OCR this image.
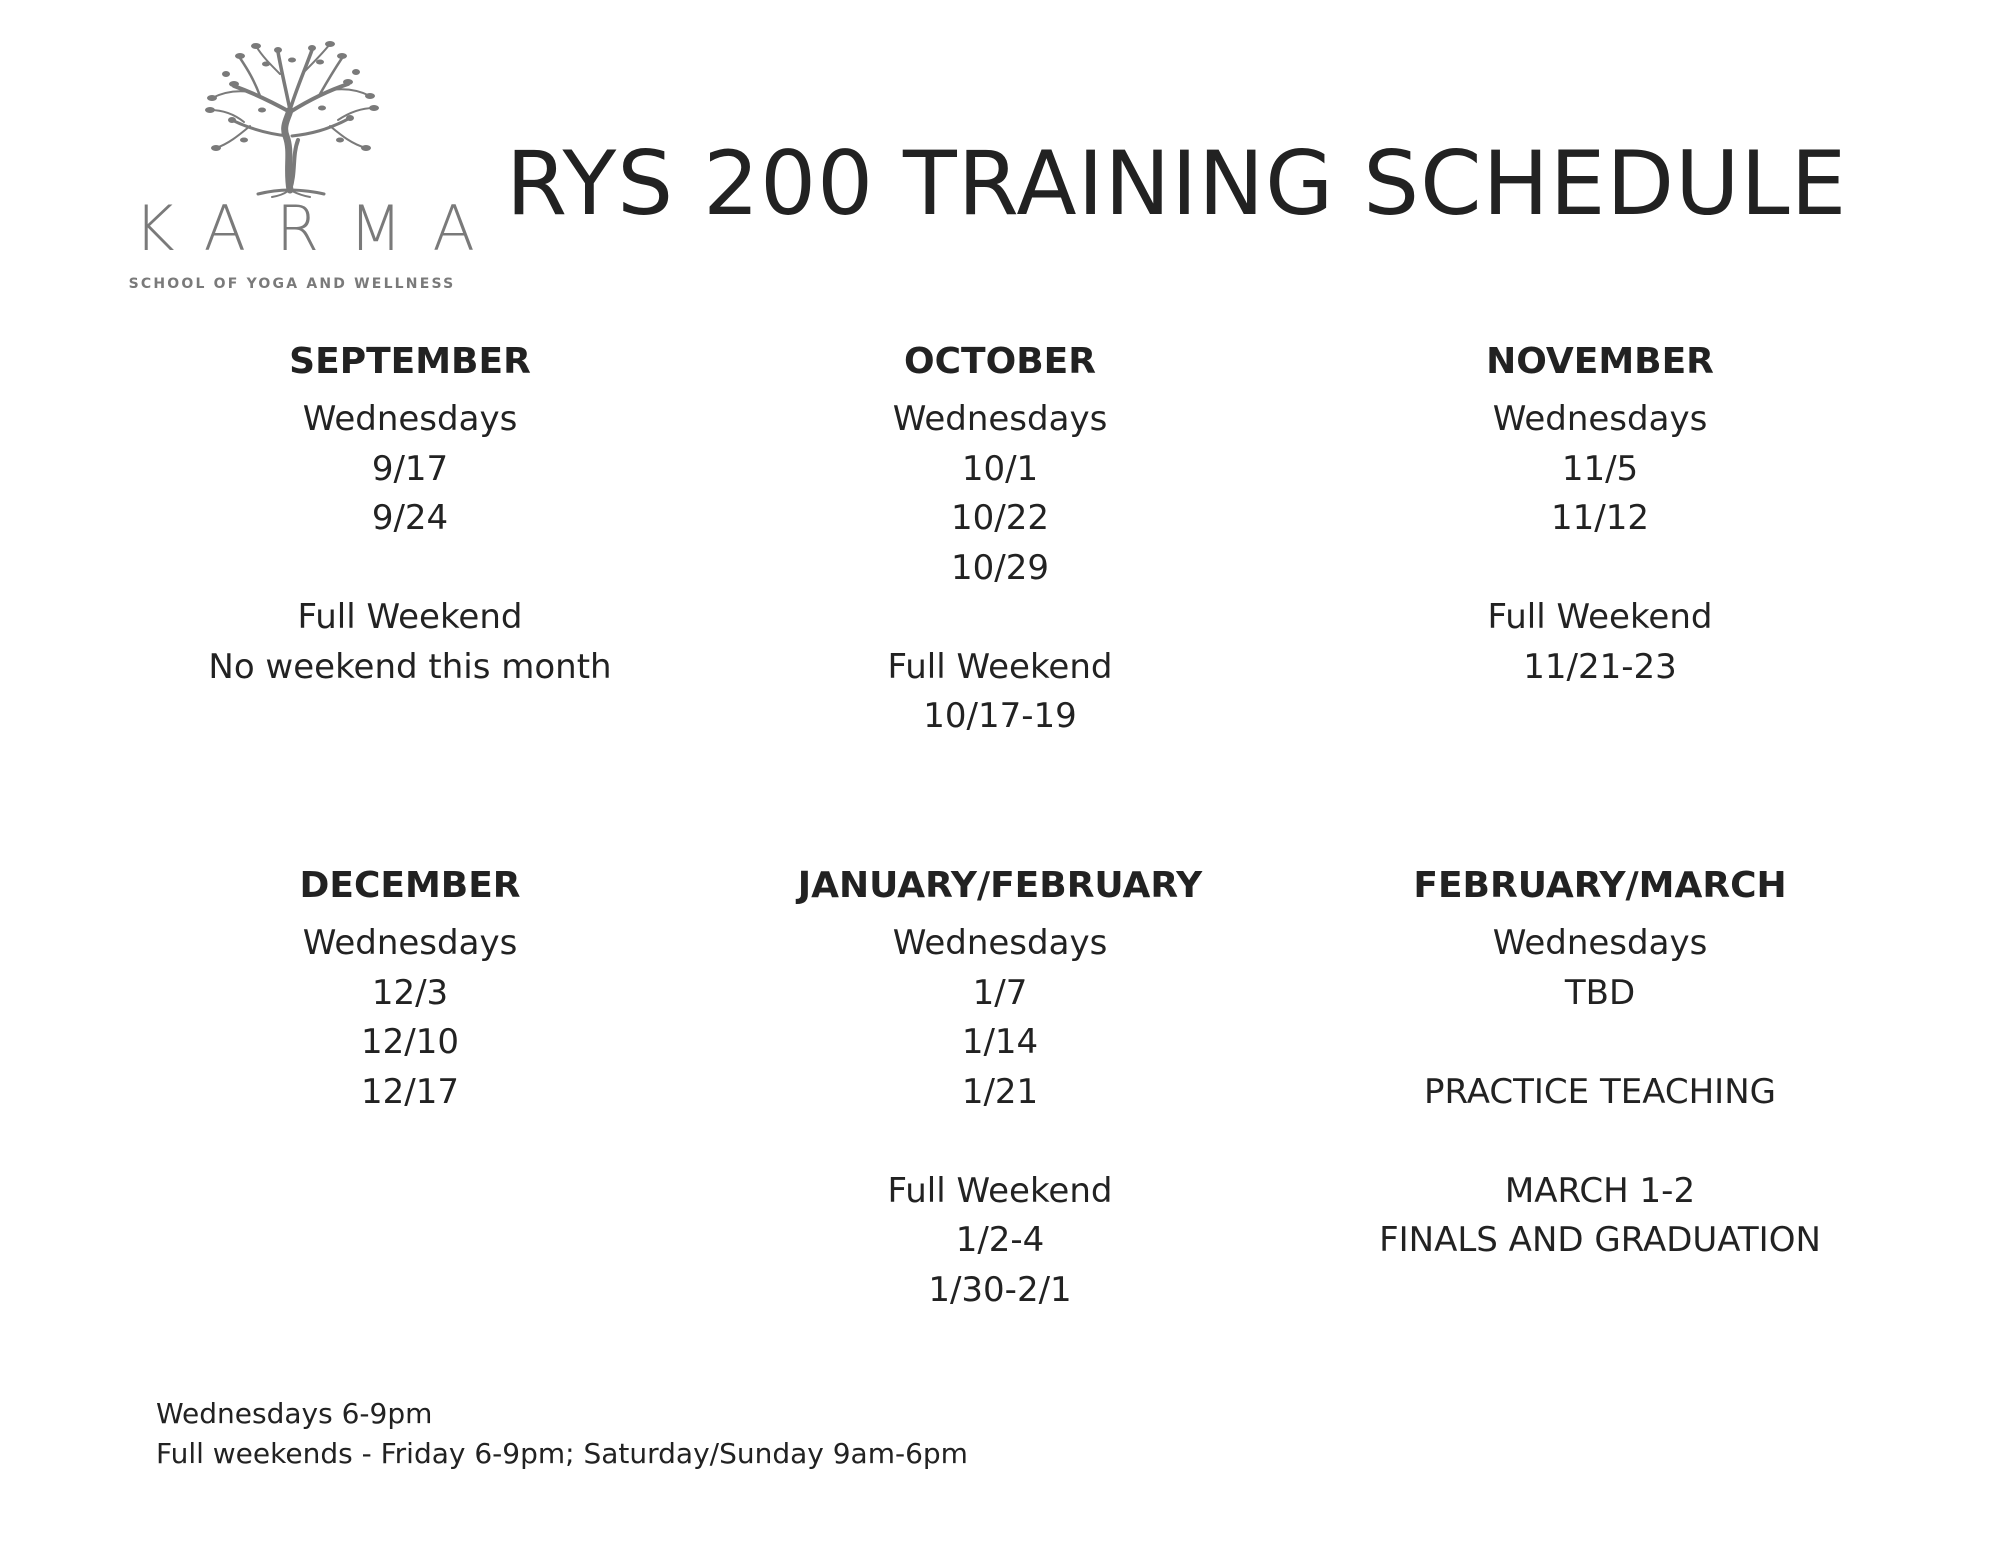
KARMA
SCHOOL OF YOGA AND WELLNESS
RYS 200 TRAINING SCHEDULE
SEPTEMBER
Wednesdays
9/17
9/24
Full Weekend
No weekend this month
OCTOBER
Wednesdays
10/1
10/22
10/29
Full Weekend
10/17-19
NOVEMBER
Wednesdays
11/5
11/12
Full Weekend
11/21-23
DECEMBER
Wednesdays
12/3
12/10
12/17
JANUARY/FEBRUARY
Wednesdays
1/7
1/14
1/21
Full Weekend
1/2-4
1/30-2/1
FEBRUARY/MARCH
Wednesdays
TBD
PRACTICE TEACHING
MARCH 1-2
FINALS AND GRADUATION
Wednesdays 6-9pm
Full weekends - Friday 6-9pm; Saturday/Sunday 9am-6pm
